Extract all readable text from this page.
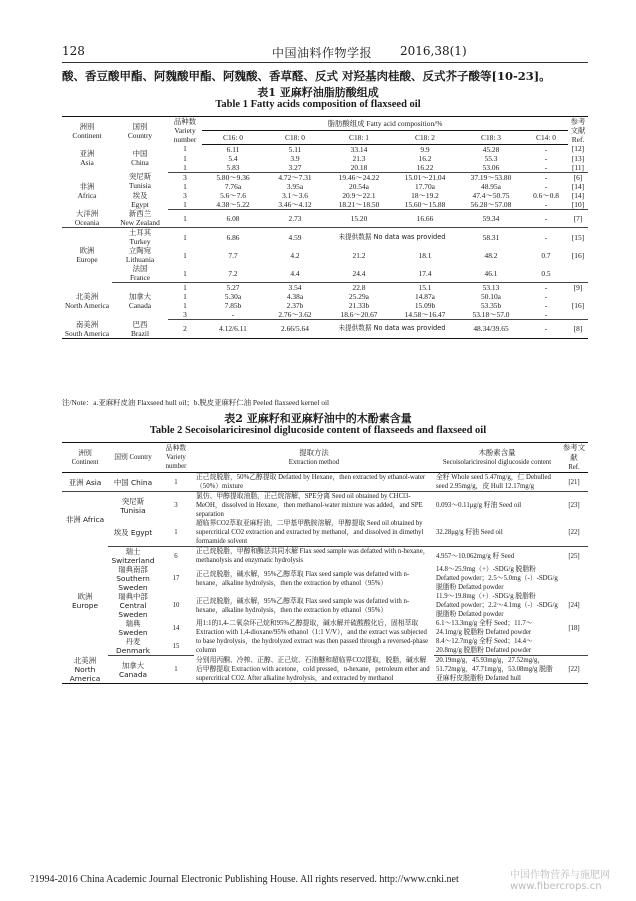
128	中国油料作物学报 2016,38(1)
酸、香豆酸甲酯、阿魏酸甲酯、阿魏酸、香草醛、反式 对羟基肉桂酸、反式芥子酸等[10-23]。
表1 亚麻籽油脂肪酸组成
Table 1 Fatty acids composition of flaxseed oil
洲别
Continent	国别
Country	品种数
Variety
number	脂肪酸组成 Fatty acid composition/%						参考文献
Ref.
			C16: 0	C18: 0	C18: 1	C18: 2	C18: 3	C14: 0	
亚洲
Asia	中国
China	1	6.11	5.11	33.14	9.9	45.28	-	[12]
		1	5.4	3.9	21.3	16.2	55.3	-	[13]
		1	5.83	3.27	20.18	16.22	53.06	-	[11]
非洲
Africa	突尼斯
Tunisia	3	5.80～9.36	4.72～7.31	19.46～24.22	15.01～21.04	37.19～53.80	-	[6]
		1	7.76a	3.95a	20.54a	17.70a	48.95a	-	[14]
	埃及
Egypt	3	5.6～7.6	3.1～3.6	20.9～22.1	18～19.2	47.4～50.75	0.6～0.8	[14]
		1	4.38～5.22	3.46～4.12	18.21～18.50	15.60～15.88	56.28～57.08	-	[10]
大洋洲
Oceania	新西兰
New Zealand	1	6.08	2.73	15.20	16.66	59.34	-	[7]
欧洲
Europe	土耳其
Turkey	1	6.86	4.59	未提供数据 No data was provided		58.31	-	[15]
	立陶宛
Lithuania	1	7.7	4.2	21.2	18.1	48.2	0.7	[16]
	法国
France	1	7.2	4.4	24.4	17.4	46.1	0.5	
北美洲
North America	加拿大
Canada	1	5.27	3.54	22.8	15.1	53.13	-	[9]
		1	5.30a	4.38a	25.29a	14.87a	50.10a	-	
		1	7.85b	2.37b	21.33b	15.09b	53.35b	-	[16]
		3	-	2.76～3.62	18.6～20.67	14.58～16.47	53.18～57.0	-	
南美洲
South America	巴西
Brazil	2	4.12/6.11	2.66/5.64	未提供数据 No data was provided		48.34/39.65	-	[8]
注/Note：a.亚麻籽皮油 Flaxseed hull oil；b.脱皮亚麻籽仁油 Peeled flaxseed kernel oil
表2 亚麻籽和亚麻籽油中的木酚素含量
Table 2 Secoisolariciresinol diglucoside content of flaxseeds and flaxseed oil
洲别 Continent	国别 Country	品种数 Variety number	提取方法
Extraction method	木酚素含量
Secoisolariciresinol diglucoside content	参考文献
Ref.
亚洲 Asia	中国 China	1	正己烷脱脂，50%乙醇提取 Defatted by Hexane，then extracted by ethanol-water（50%）mixture	全籽 Whole seed 5.47mg/g，仁 Dehulled seed 2.95mg/g，皮 Hull 12.17mg/g	[21]
非洲 Africa	突尼斯 Tunisia	3	氯仿、甲醇提取油脂，正己烷溶解，SPE分离 Seed oil obtained by CHCl3-MeOH，dissolved in Hexane，then methanol-water mixture was added，and SPE separation	0.093～0.11μg/g 籽油 Seed oil	[23]
	埃及 Egypt	1	超临界CO2萃取亚麻籽油，二甲基甲酰胺溶解，甲醇提取 Seed oil obtained by supercritical CO2 extraction and extracted by methanol，and dissolved in dimethyl formamide solvent	32.28μg/g 籽油 Seed oil	[22]
欧洲 Europe	瑞士 Switzerland	6	正己烷脱脂，甲醇和酶法共同水解 Flax seed sample was defatted with n-hexane，methanolysis and enzymatic hydrolysis	4.957～10.062mg/g 籽 Seed	[25]
	瑞典南部 Southern Sweden	17	正己烷脱脂，碱水解，95%乙醇萃取 Flax seed sample was defatted with n-hexane，alkaline hydrolysis，then the extraction by ethanol（95%）	14.8～25.9mg（+）-SDG/g 脱脂粉 Defatted powder；2.5～5.0mg（-）-SDG/g 脱脂粉 Defatted powder	
	瑞典中部 Central Sweden	10	正己烷脱脂，碱水解，95%乙醇萃取 Flax seed sample was defatted with n-hexane，alkaline hydrolysis，then the extraction by ethanol（95%）	11.9～19.8mg（+）-SDG/g 脱脂粉 Defatted powder；2.2～4.1mg（-）-SDG/g 脱脂粉 Defatted powder	[24]
	瑞典 Sweden	14	用1:1的1,4-二氧杂环己烷和95%乙醇提取，碱水解并硫酸酸化后，固相萃取 Extraction with 1,4-dioxane/95% ethanol（1:1 V/V），and the extract was subjected to base hydrolysis，the hydrolyzed extract was then passed through a reversed-phase column	6.1～13.3mg/g 全籽 Seed；11.7～24.1mg/g 脱脂粉 Defatted powder	[18]
	丹麦 Denmark	15		8.4～12.7mg/g 全籽 Seed；14.4～20.8mg/g 脱脂粉 Defatted powder	
北美洲 North America	加拿大 Canada	1	分别用丙酮、冷榨、正醇、正己烷、石油醚和超临界CO2提取，脱脂，碱水解后甲醇提取 Extraction with acetone，cold pressed，n-hexane，petroleum ether and supercritical CO2. After alkaline hydrolysis，and extracted by methanol	20.19mg/g，45.93mg/g，27.52mg/g，51.72mg/g，47.71mg/g，53.08mg/g 脱脂亚麻籽皮脱脂粉 Defatted hull	[22]
?1994-2016 China Academic Journal Electronic Publishing House. All rights reserved. http://www.cnki.net	中国作物营养与施肥网 www.fibercrops.cn
